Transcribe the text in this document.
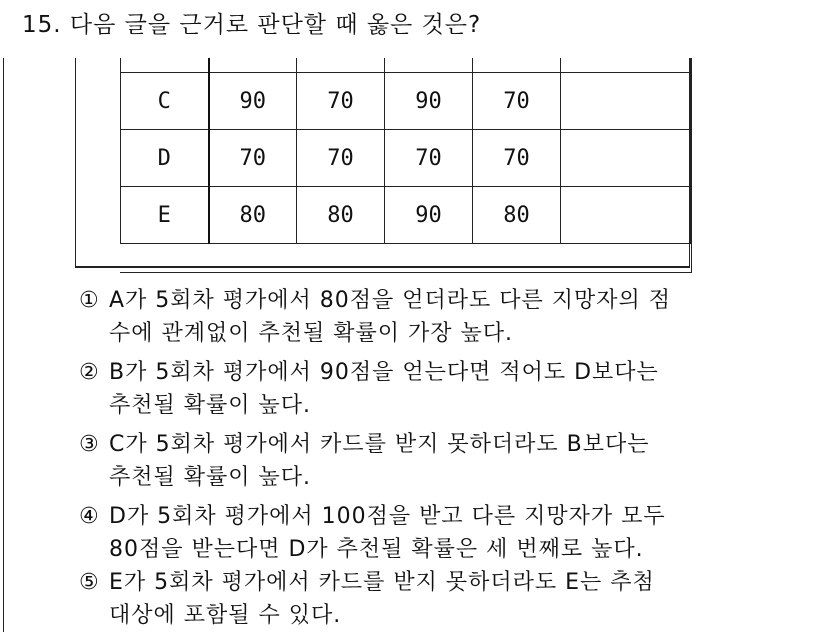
15. 다음 글을 근거로 판단할 때 옳은 것은?

C	90	70	90	70	
D	70	70	70	70	
E	80	80	90	80	
① A가 5회차 평가에서 80점을 얻더라도 다른 지망자의 점
수에 관계없이 추천될 확률이 가장 높다.
② B가 5회차 평가에서 90점을 얻는다면 적어도 D보다는
추천될 확률이 높다.
③ C가 5회차 평가에서 카드를 받지 못하더라도 B보다는
추천될 확률이 높다.
④ D가 5회차 평가에서 100점을 받고 다른 지망자가 모두
80점을 받는다면 D가 추천될 확률은 세 번째로 높다.
⑤ E가 5회차 평가에서 카드를 받지 못하더라도 E는 추첨
대상에 포함될 수 있다.
